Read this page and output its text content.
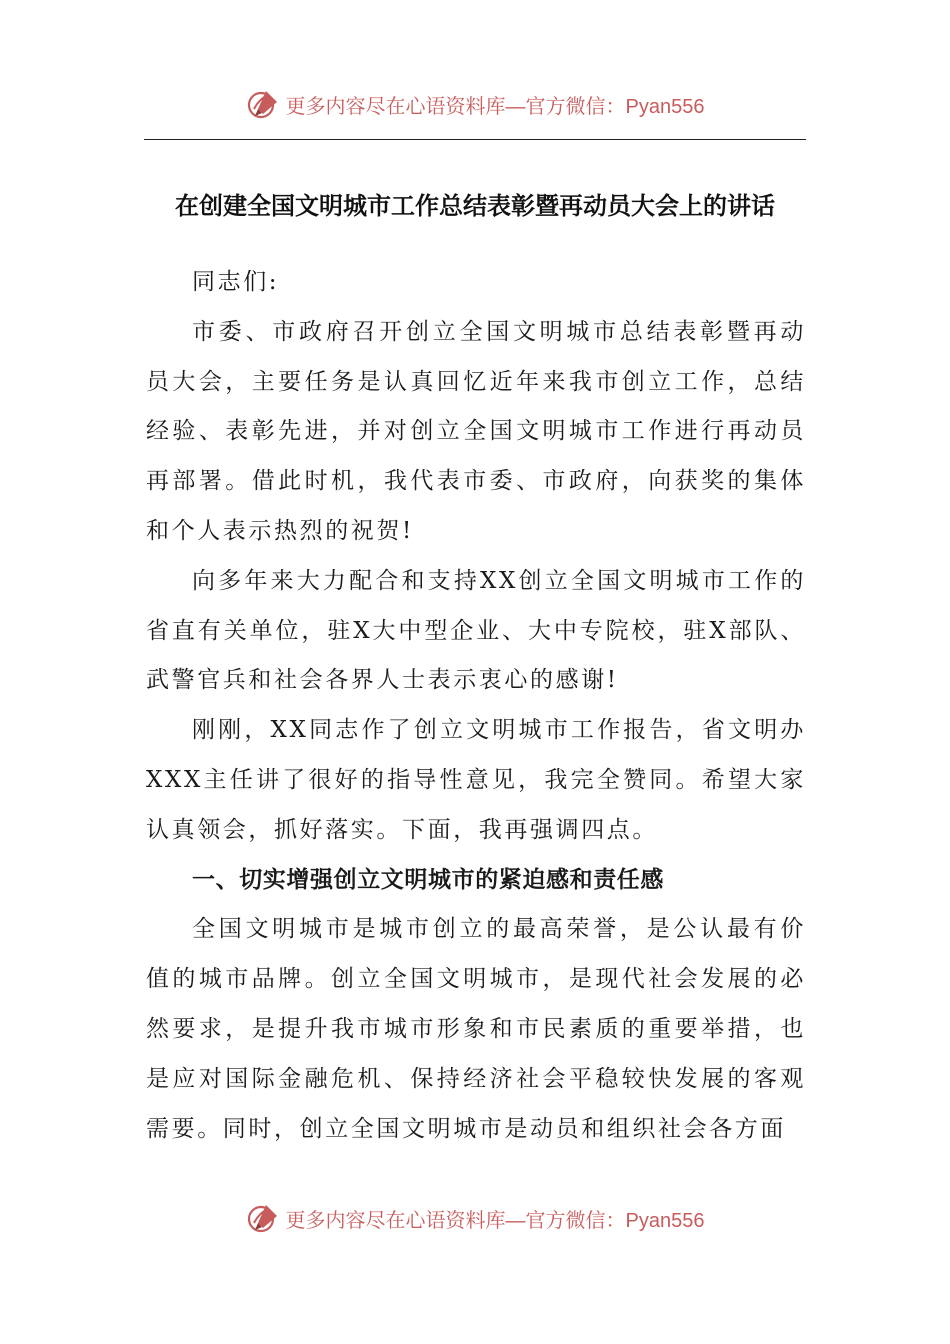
更多内容尽在心语资料库 —官方微信：Pyan556
在创建全国文明城市工作总结表彰暨再动员大会上的讲话

同志们:

市委、市政府召开创立全国文明城市总结表彰暨再动员大会，主要任务是认真回忆近年来我市创立工作，总结经验、表彰先进，并对创立全国文明城市工作进行再动员再部署。借此时机，我代表市委、市政府，向获奖的集体和个人表示热烈的祝贺!

向多年来大力配合和支持XX创立全国文明城市工作的省直有关单位，驻X大中型企业、大中专院校，驻X部队、武警官兵和社会各界人士表示衷心的感谢!

刚刚，XX同志作了创立文明城市工作报告，省文明办XXX主任讲了很好的指导性意见，我完全赞同。希望大家认真领会，抓好落实。下面，我再强调四点。

一、切实增强创立文明城市的紧迫感和责任感

全国文明城市是城市创立的最高荣誉，是公认最有价值的城市品牌。创立全国文明城市，是现代社会发展的必然要求，是提升我市城市形象和市民素质的重要举措，也是应对国际金融危机、保持经济社会平稳较快发展的客观需要。同时，创立全国文明城市是动员和组织社会各方面

更多内容尽在心语资料库 —官方微信：Pyan556
